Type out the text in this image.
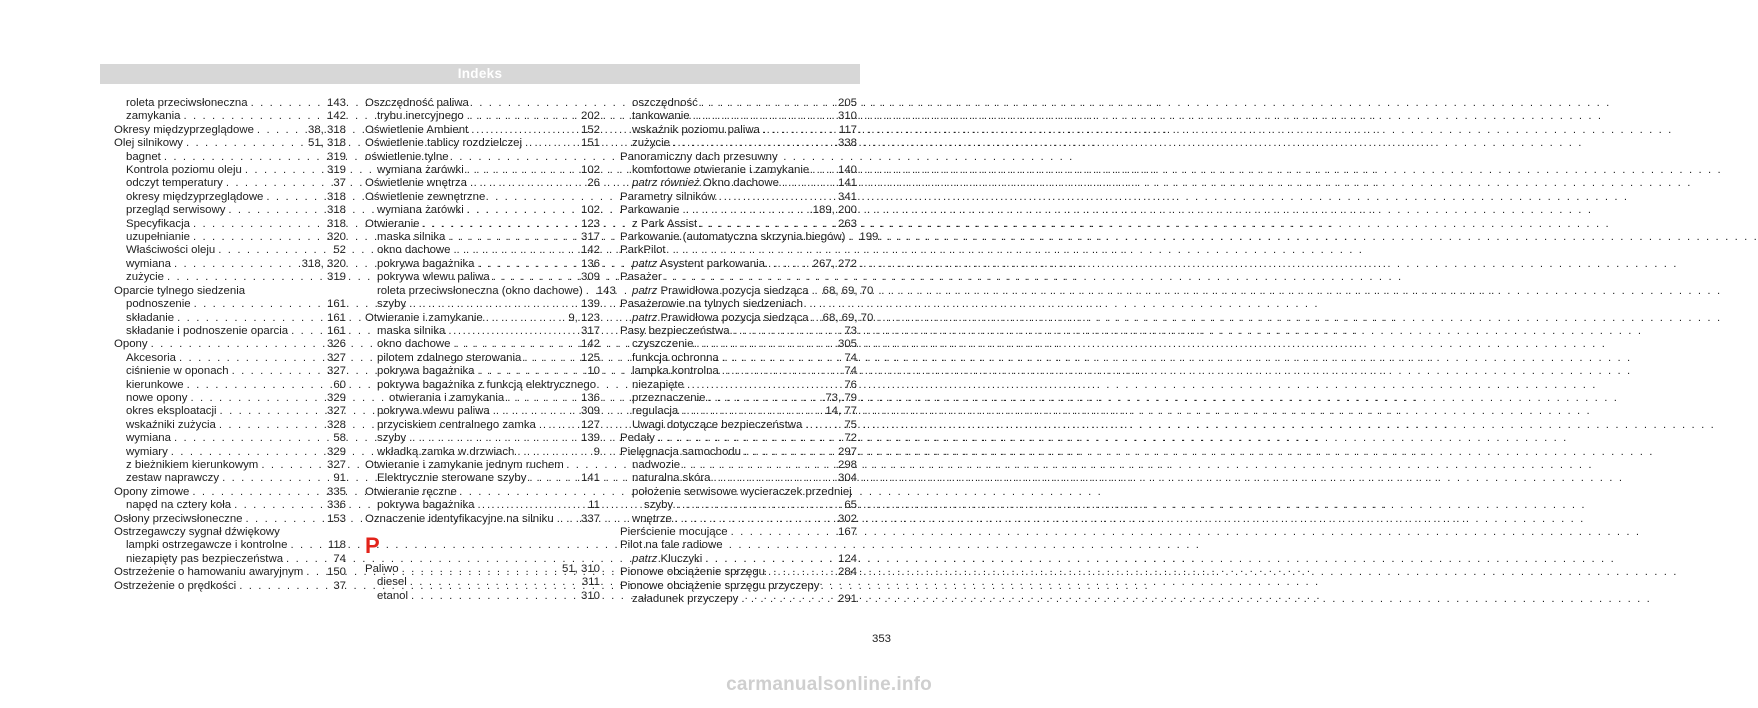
Indeks
roleta przeciwsłoneczna . . .	143
zamykania . . .	142
Okresy międzyprzeglądowe . . .	38, 318
Olej silnikowy . . .	51, 318
bagnet . . .	319
Kontrola poziomu oleju . . .	319
odczyt temperatury . . .	37
okresy międzyprzeglądowe . . .	318
przegląd serwisowy . . .	318
Specyfikacja . . .	318
uzupełnianie . . .	320
Właściwości oleju . . .	52
wymiana . . .	318, 320
zużycie . . .	319
Oparcie tylnego siedzenia
podnoszenie . . .	161
składanie . . .	161
składanie i podnoszenie oparcia . . .	161
Opony . . .	326
Akcesoria . . .	327
ciśnienie w oponach . . .	327
kierunkowe . . .	60
nowe opony . . .	329
okres eksploatacji . . .	327
wskaźniki zużycia . . .	328
wymiana . . .	58
wymiary . . .	329
z bieżnikiem kierunkowym . . .	327
zestaw naprawczy . . .	91
Opony zimowe . . .	335
napęd na cztery koła . . .	336
Osłony przeciwsłoneczne . . .	153
Ostrzegawczy sygnał dźwiękowy
lampki ostrzegawcze i kontrolne . . .	118
niezapięty pas bezpieczeństwa . . .	74
Ostrzeżenie o hamowaniu awaryjnym . . . 150
Ostrzeżenie o prędkości . . .	37
Oszczędność paliwa
trybu inercyjnego . . .	202
Oświetlenie Ambient . . .	152
Oświetlenie tablicy rozdzielczej . . .	151
oświetlenie tylne
wymiana żarówki . . .	102
Oświetlenie wnętrza . . .	26
Oświetlenie zewnętrzne
wymiana żarówki . . .	102
Otwieranie . . .	123
maska silnika . . .	317
okno dachowe . . .	142
pokrywa bagażnika . . .	136
pokrywa wlewu paliwa . . .	309
roleta przeciwsłoneczna (okno dachowe) . . . 143
szyby . . .	139
Otwieranie i zamykanie . . .	9, 123
maska silnika . . .	317
okno dachowe . . .	142
pilotem zdalnego sterowania . . .	125
pokrywa bagażnika . . .	10
pokrywa bagażnika z funkcją elektrycznego
otwierania i zamykania . . .	136
pokrywa wlewu paliwa . . .	309
przyciskiem centralnego zamka . . .	127
szyby . . .	139
wkładką zamka w drzwiach . . .	9
Otwieranie i zamykanie jednym ruchem
Elektrycznie sterowane szyby . . .	141
Otwieranie ręczne
pokrywa bagażnika . . .	11
Oznaczenie identyfikacyjne na silniku . . . 337
P
Paliwo . . .	51, 310
diesel . . .	311
etanol . . .	310
oszczędność . . .	205
tankowanie . . .	310
wskaźnik poziomu paliwa . . .	117
zużycie . . .	338
Panoramiczny dach przesuwny
komfortowe otwieranie i zamykanie . . .	140
patrz również Okno dachowe . . .	141
Parametry silników . . .	341
Parkowanie . . .	189, 200
z Park Assist . . .	263
Parkowanie (automatyczna skrzynia biegów) . . . 199
ParkPilot
patrz Asystent parkowania . . .	267, 272
Pasażer
patrz Prawidłowa pozycja siedząca . . . 68, 69, 70
Pasażerowie na tylnych siedzeniach
patrz Prawidłowa pozycja siedząca . . . 68, 69, 70
Pasy bezpieczeństwa . . .	73
czyszczenie . . .	305
funkcja ochronna . . .	74
lampka kontrolna . . .	74
niezapięte . . .	76
przeznaczenie . . .	73, 79
regulacja . . .	14, 77
Uwagi dotyczące bezpieczeństwa . . .	75
Pedały . . .	72
Pielęgnacja samochodu . . .	297
nadwozie . . .	298
naturalna skóra . . .	304
położenie serwisowe wycieraczek przedniej
szyby . . .	65
wnętrze . . .	302
Pierścienie mocujące . . .	167
Pilot na fale radiowe
patrz Kluczyki . . .	124
Pionowe obciążenie sprzęgu . . .	284
Pionowe obciążenie sprzęgu przyczepy
załadunek przyczepy . . .	291
353
carmanualsonline.info
